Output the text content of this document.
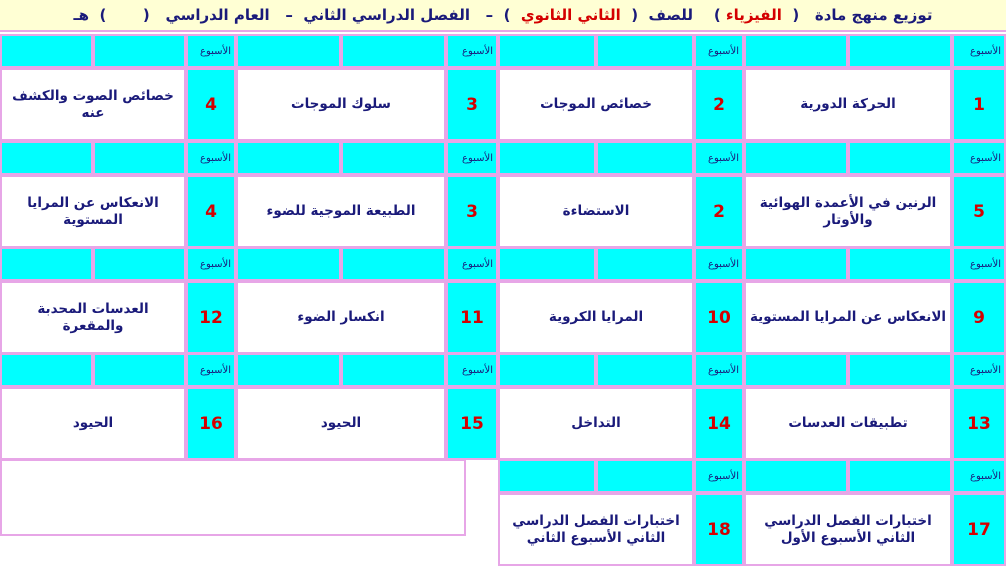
توزيع منهج مادة   (  الفيزياء )    للصف  (  الثاني الثانوي  )  –   الفصل الدراسي الثاني  –   العام الدراسي   (       )  هـ
الأسبوع
1
الحركة الدورية
الأسبوع
2
خصائص الموجات
الأسبوع
3
سلوك الموجات
الأسبوع
4
خصائص الصوت والكشف عنه
الأسبوع
5
الرنين في الأعمدة الهوائية والأوتار
الأسبوع
2
الاستضاءة
الأسبوع
3
الطبيعة الموجية للضوء
الأسبوع
4
الانعكاس عن المرايا المستوية
الأسبوع
9
الانعكاس عن المرايا المستوية
الأسبوع
10
المرايا الكروية
الأسبوع
11
انكسار الضوء
الأسبوع
12
العدسات المحدبة والمقعرة
الأسبوع
13
تطبيقات العدسات
الأسبوع
14
التداخل
الأسبوع
15
الحيود
الأسبوع
16
الحيود
الأسبوع
17
اختبارات الفصل الدراسي الثاني الأسبوع الأول
الأسبوع
18
اختبارات الفصل الدراسي الثاني الأسبوع الثاني
